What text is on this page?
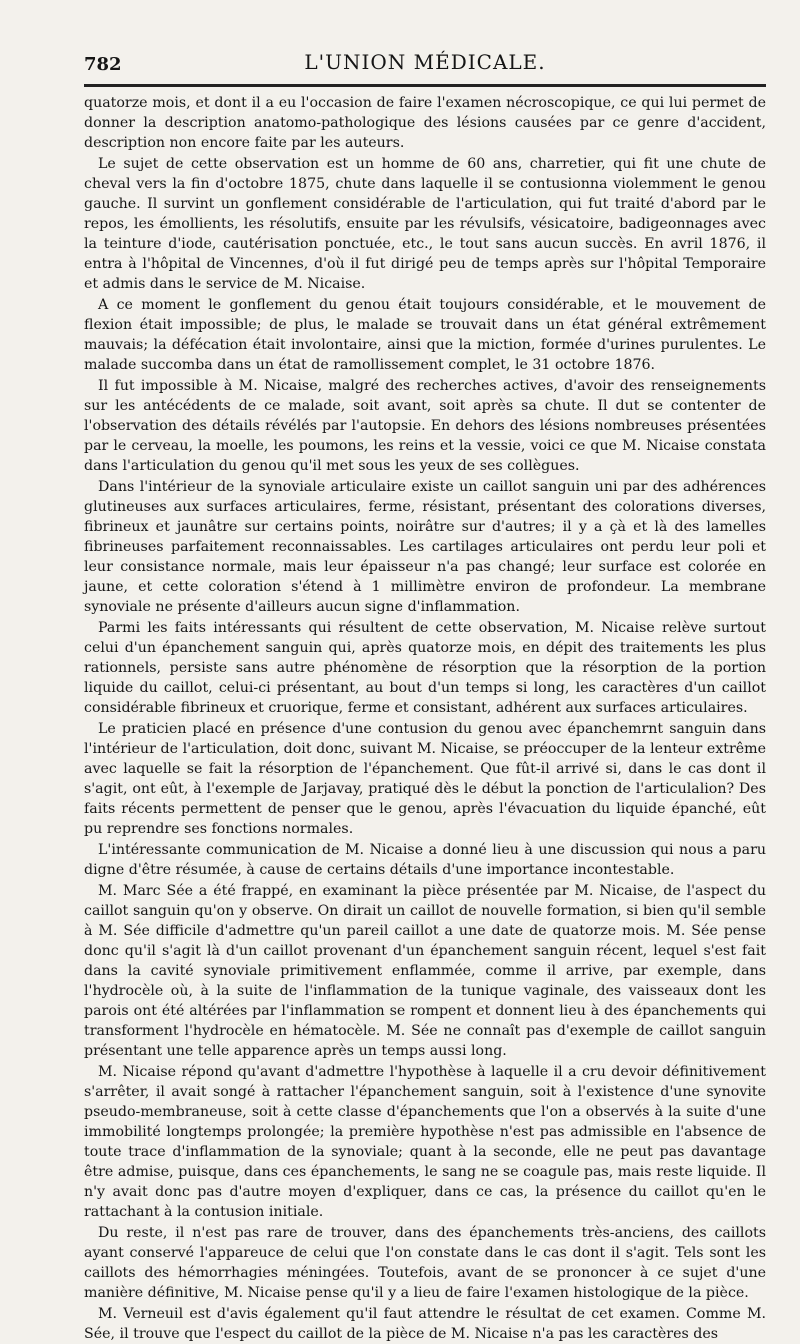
782	L'UNION MÉDICALE.

quatorze mois, et dont il a eu l'occasion de faire l'examen nécroscopique, ce qui lui permet de donner la description anatomo-pathologique des lésions causées par ce genre d'accident, description non encore faite par les auteurs.

Le sujet de cette observation est un homme de 60 ans, charretier, qui fit une chute de cheval vers la fin d'octobre 1875, chute dans laquelle il se contusionna violemment le genou gauche. Il survint un gonflement considérable de l'articulation, qui fut traité d'abord par le repos, les émollients, les résolutifs, ensuite par les révulsifs, vésicatoire, badigeonnages avec la teinture d'iode, cautérisation ponctuée, etc., le tout sans aucun succès. En avril 1876, il entra à l'hôpital de Vincennes, d'où il fut dirigé peu de temps après sur l'hôpital Temporaire et admis dans le service de M. Nicaise.

A ce moment le gonflement du genou était toujours considérable, et le mouvement de flexion était impossible; de plus, le malade se trouvait dans un état général extrêmement mauvais; la défécation était involontaire, ainsi que la miction, formée d'urines purulentes. Le malade succomba dans un état de ramollissement complet, le 31 octobre 1876.

Il fut impossible à M. Nicaise, malgré des recherches actives, d'avoir des renseignements sur les antécédents de ce malade, soit avant, soit après sa chute. Il dut se contenter de l'observation des détails révélés par l'autopsie. En dehors des lésions nombreuses présentées par le cerveau, la moelle, les poumons, les reins et la vessie, voici ce que M. Nicaise constata dans l'articulation du genou qu'il met sous les yeux de ses collègues.

Dans l'intérieur de la synoviale articulaire existe un caillot sanguin uni par des adhérences glutineuses aux surfaces articulaires, ferme, résistant, présentant des colorations diverses, fibrineux et jaunâtre sur certains points, noirâtre sur d'autres; il y a çà et là des lamelles fibrineuses parfaitement reconnaissables. Les cartilages articulaires ont perdu leur poli et leur consistance normale, mais leur épaisseur n'a pas changé; leur surface est colorée en jaune, et cette coloration s'étend à 1 millimètre environ de profondeur. La membrane synoviale ne présente d'ailleurs aucun signe d'inflammation.

Parmi les faits intéressants qui résultent de cette observation, M. Nicaise relève surtout celui d'un épanchement sanguin qui, après quatorze mois, en dépit des traitements les plus rationnels, persiste sans autre phénomène de résorption que la résorption de la portion liquide du caillot, celui-ci présentant, au bout d'un temps si long, les caractères d'un caillot considérable fibrineux et cruorique, ferme et consistant, adhérent aux surfaces articulaires.

Le praticien placé en présence d'une contusion du genou avec épanchemrnt sanguin dans l'intérieur de l'articulation, doit donc, suivant M. Nicaise, se préoccuper de la lenteur extrême avec laquelle se fait la résorption de l'épanchement. Que fût-il arrivé si, dans le cas dont il s'agit, ont eût, à l'exemple de Jarjavay, pratiqué dès le début la ponction de l'articulalion? Des faits récents permettent de penser que le genou, après l'évacuation du liquide épanché, eût pu reprendre ses fonctions normales.

L'intéressante communication de M. Nicaise a donné lieu à une discussion qui nous a paru digne d'être résumée, à cause de certains détails d'une importance incontestable.

M. Marc Sée a été frappé, en examinant la pièce présentée par M. Nicaise, de l'aspect du caillot sanguin qu'on y observe. On dirait un caillot de nouvelle formation, si bien qu'il semble à M. Sée difficile d'admettre qu'un pareil caillot a une date de quatorze mois. M. Sée pense donc qu'il s'agit là d'un caillot provenant d'un épanchement sanguin récent, lequel s'est fait dans la cavité synoviale primitivement enflammée, comme il arrive, par exemple, dans l'hydrocèle où, à la suite de l'inflammation de la tunique vaginale, des vaisseaux dont les parois ont été altérées par l'inflammation se rompent et donnent lieu à des épanchements qui transforment l'hydrocèle en hématocèle. M. Sée ne connaît pas d'exemple de caillot sanguin présentant une telle apparence après un temps aussi long.

M. Nicaise répond qu'avant d'admettre l'hypothèse à laquelle il a cru devoir définitivement s'arrêter, il avait songé à rattacher l'épanchement sanguin, soit à l'existence d'une synovite pseudo-membraneuse, soit à cette classe d'épanchements que l'on a observés à la suite d'une immobilité longtemps prolongée; la première hypothèse n'est pas admissible en l'absence de toute trace d'inflammation de la synoviale; quant à la seconde, elle ne peut pas davantage être admise, puisque, dans ces épanchements, le sang ne se coagule pas, mais reste liquide. Il n'y avait donc pas d'autre moyen d'expliquer, dans ce cas, la présence du caillot qu'en le rattachant à la contusion initiale.

Du reste, il n'est pas rare de trouver, dans des épanchements très-anciens, des caillots ayant conservé l'appareuce de celui que l'on constate dans le cas dont il s'agit. Tels sont les caillots des hémorrhagies méningées. Toutefois, avant de se prononcer à ce sujet d'une manière définitive, M. Nicaise pense qu'il y a lieu de faire l'examen histologique de la pièce.

M. Verneuil est d'avis également qu'il faut attendre le résultat de cet examen. Comme M. Sée, il trouve que l'espect du caillot de la pièce de M. Nicaise n'a pas les caractères des
